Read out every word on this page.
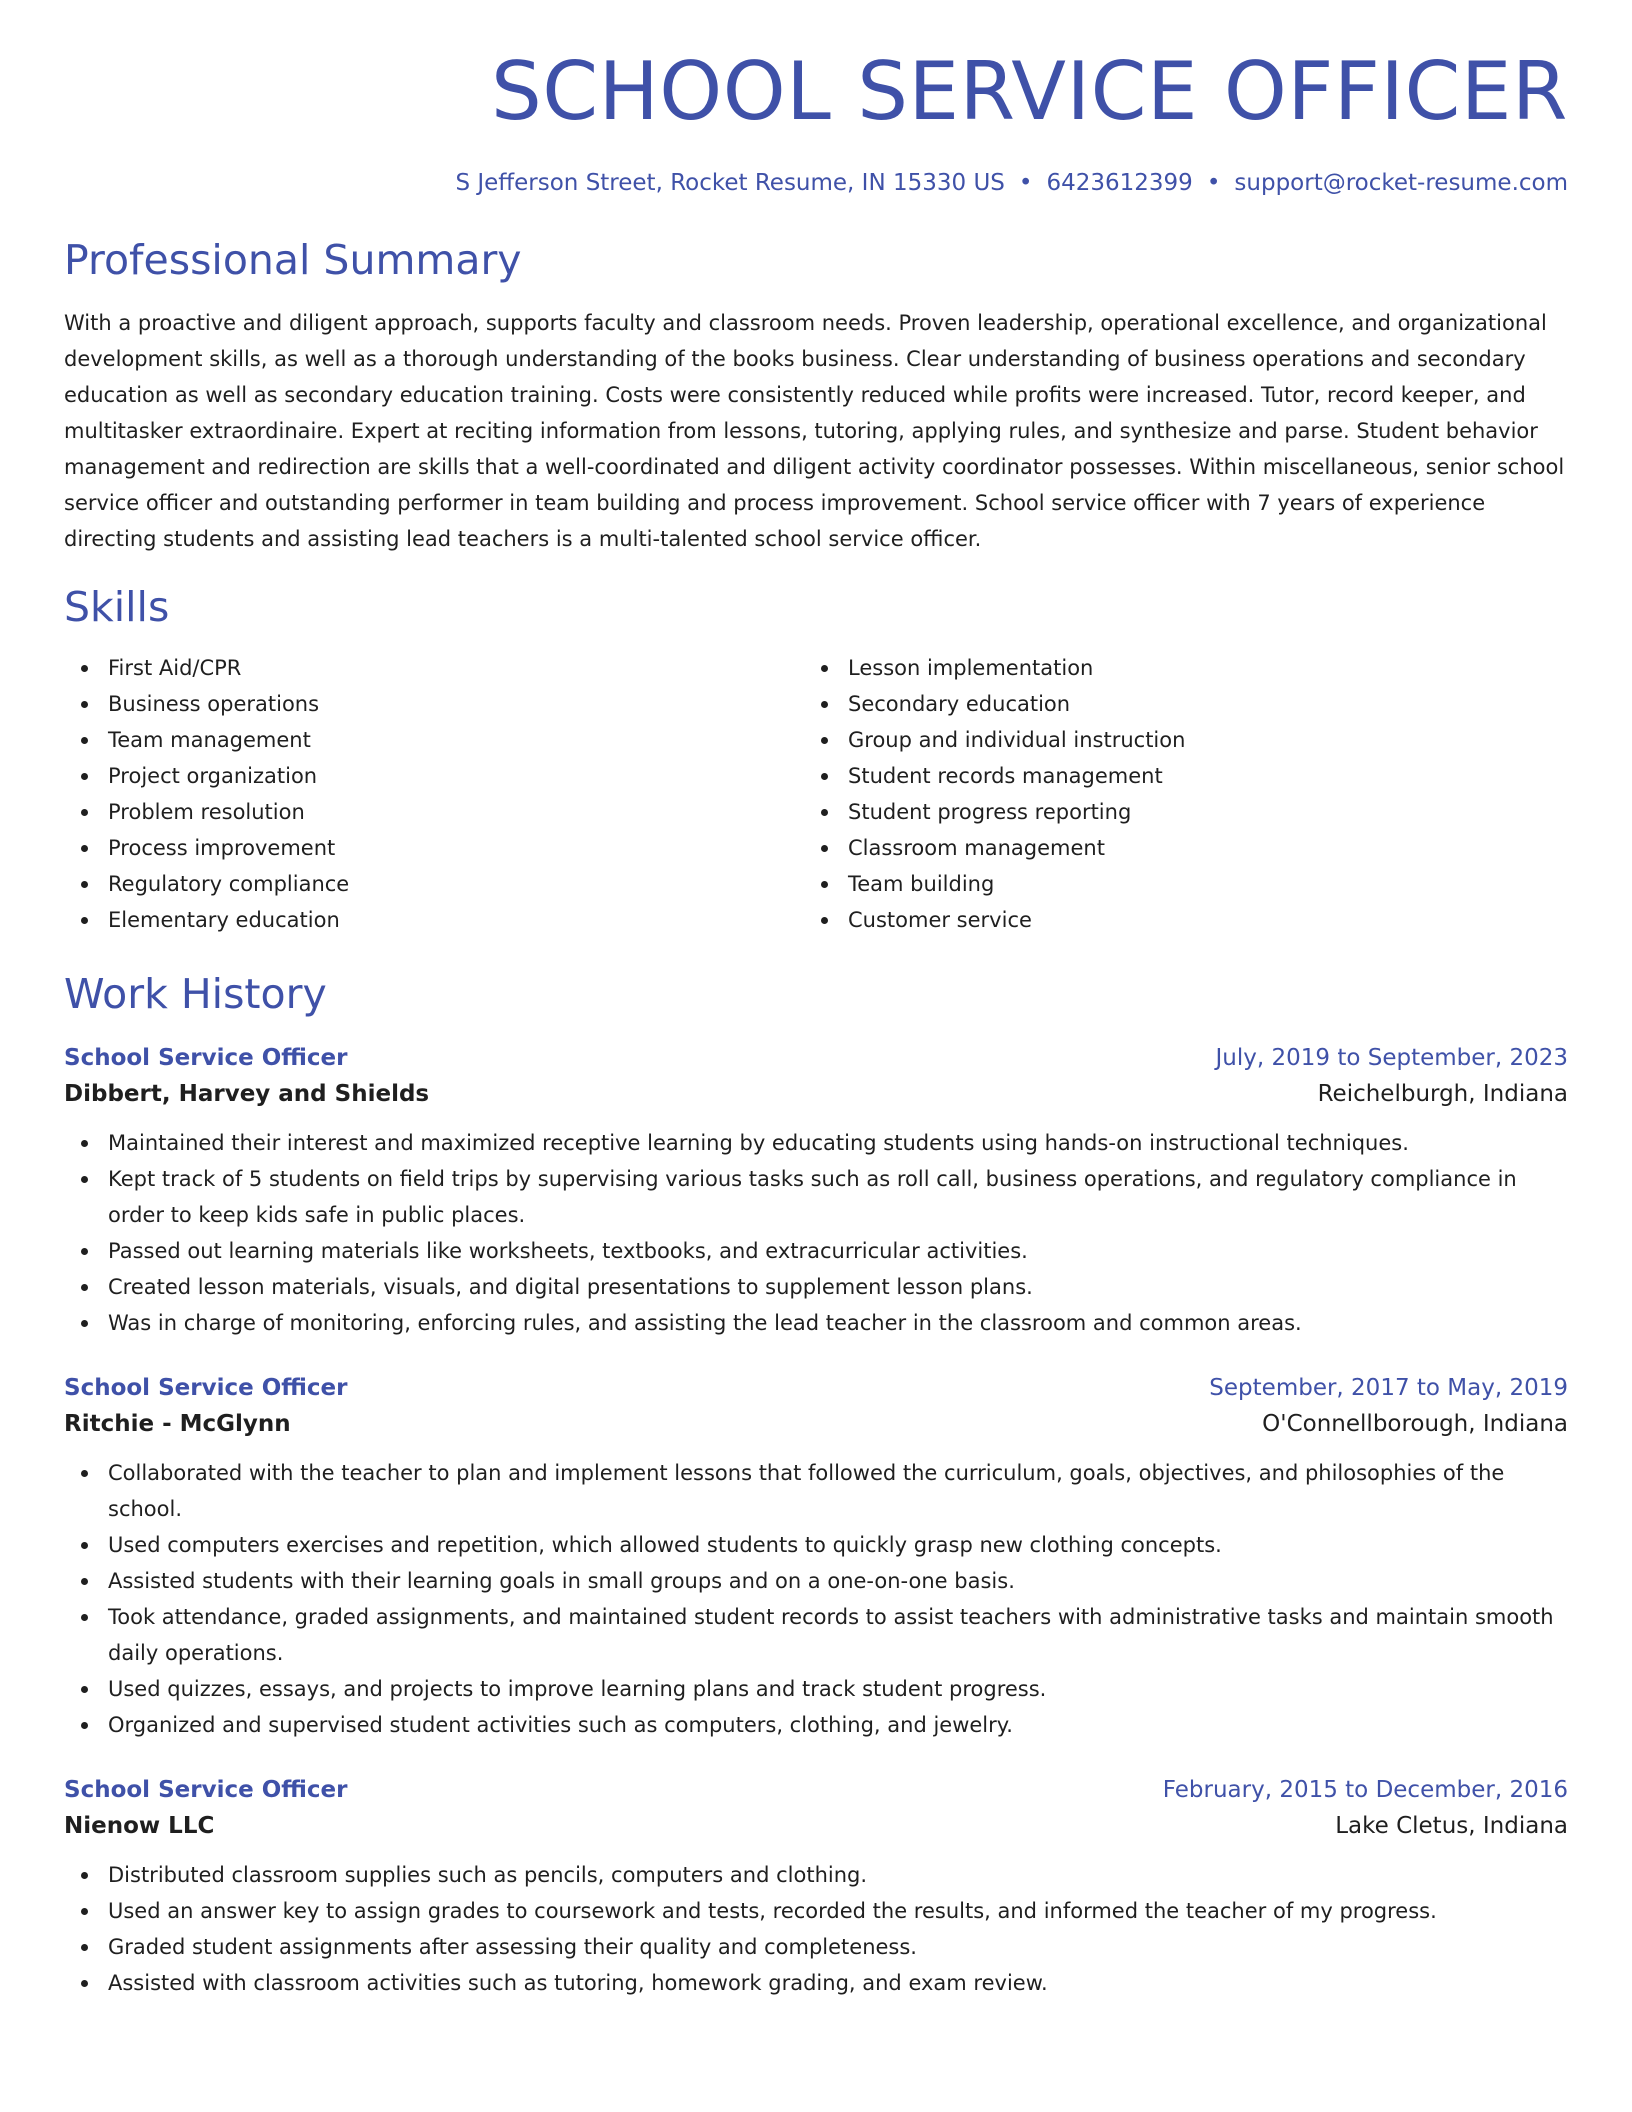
SCHOOL SERVICE OFFICER
S Jefferson Street, Rocket Resume, IN 15330 US • 6423612399 • support@rocket-resume.com
Professional Summary
With a proactive and diligent approach, supports faculty and classroom needs. Proven leadership, operational excellence, and organizational development skills, as well as a thorough understanding of the books business. Clear understanding of business operations and secondary education as well as secondary education training. Costs were consistently reduced while profits were increased. Tutor, record keeper, and multitasker extraordinaire. Expert at reciting information from lessons, tutoring, applying rules, and synthesize and parse. Student behavior management and redirection are skills that a well-coordinated and diligent activity coordinator possesses. Within miscellaneous, senior school service officer and outstanding performer in team building and process improvement. School service officer with 7 years of experience directing students and assisting lead teachers is a multi-talented school service officer.
Skills
First Aid/CPR
Business operations
Team management
Project organization
Problem resolution
Process improvement
Regulatory compliance
Elementary education
Lesson implementation
Secondary education
Group and individual instruction
Student records management
Student progress reporting
Classroom management
Team building
Customer service
Work History
School Service Officer	July, 2019 to September, 2023
Dibbert, Harvey and Shields	Reichelburgh, Indiana
Maintained their interest and maximized receptive learning by educating students using hands-on instructional techniques.
Kept track of 5 students on field trips by supervising various tasks such as roll call, business operations, and regulatory compliance in order to keep kids safe in public places.
Passed out learning materials like worksheets, textbooks, and extracurricular activities.
Created lesson materials, visuals, and digital presentations to supplement lesson plans.
Was in charge of monitoring, enforcing rules, and assisting the lead teacher in the classroom and common areas.
School Service Officer	September, 2017 to May, 2019
Ritchie - McGlynn	O'Connellborough, Indiana
Collaborated with the teacher to plan and implement lessons that followed the curriculum, goals, objectives, and philosophies of the school.
Used computers exercises and repetition, which allowed students to quickly grasp new clothing concepts.
Assisted students with their learning goals in small groups and on a one-on-one basis.
Took attendance, graded assignments, and maintained student records to assist teachers with administrative tasks and maintain smooth daily operations.
Used quizzes, essays, and projects to improve learning plans and track student progress.
Organized and supervised student activities such as computers, clothing, and jewelry.
School Service Officer	February, 2015 to December, 2016
Nienow LLC	Lake Cletus, Indiana
Distributed classroom supplies such as pencils, computers and clothing.
Used an answer key to assign grades to coursework and tests, recorded the results, and informed the teacher of my progress.
Graded student assignments after assessing their quality and completeness.
Assisted with classroom activities such as tutoring, homework grading, and exam review.
